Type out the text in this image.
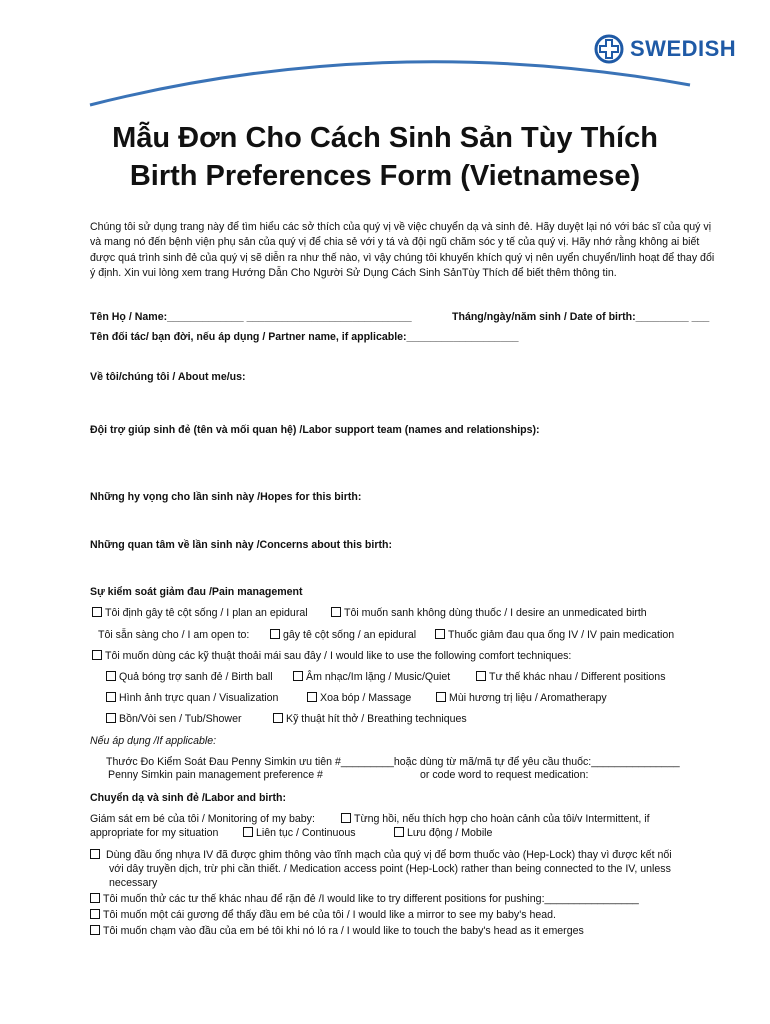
SWEDISH
Mẫu Đơn Cho Cách Sinh Sản Tùy Thích
Birth Preferences Form (Vietnamese)
Chúng tôi sử dụng trang này để tìm hiểu các sở thích của quý vị về việc chuyển dạ và sinh đẻ. Hãy duyệt lại nó với bác sĩ của quý vị và mang nó đến bệnh viện phụ sản của quý vị để chia sẻ với y tá và đội ngũ chăm sóc y tế của quý vị. Hãy nhớ rằng không ai biết được quá trình sinh đẻ của quý vị sẽ diễn ra như thế nào, vì vậy chúng tôi khuyến khích quý vị nên uyển chuyển/linh hoạt để thay đổi ý định. Xin vui lòng xem trang Hướng Dẫn Cho Người Sử Dụng Cách Sinh SảnTùy Thích để biết thêm thông tin.
Tên Họ / Name:_____________ ____________________________	Tháng/ngày/năm sinh / Date of birth:_________ ___
Tên đối tác/ bạn đời, nếu áp dụng / Partner name, if applicable:___________________
Về tôi/chúng tôi / About me/us:
Đội trợ giúp sinh đẻ (tên và mối quan hệ) /Labor support team (names and relationships):
Những hy vọng cho lần sinh này /Hopes for this birth:
Những quan tâm về lần sinh này /Concerns about this birth:
Sự kiểm soát giảm đau /Pain management
Tôi định gây tê cột sống / I plan an epidural	Tôi muốn sanh không dùng thuốc / I desire an unmedicated birth
Tôi sẵn sàng cho / I am open to:	gây tê cột sống / an epidural	Thuốc giảm đau qua ống IV / IV pain medication
Tôi muốn dùng các kỹ thuật thoải mái sau đây / I would like to use the following comfort techniques:
Quả bóng trợ sanh đẻ / Birth ball	Âm nhạc/Im lặng / Music/Quiet	Tư thế khác nhau / Different positions
Hình ảnh trực quan / Visualization	Xoa bóp / Massage	Mùi hương trị liệu / Aromatherapy
Bồn/Vòi sen / Tub/Shower	Kỹ thuật hít thở / Breathing techniques
Nếu áp dụng /If applicable:
Thước Đo Kiểm Soát Đau Penny Simkin ưu tiên #_________hoặc dùng từ mã/mã tự để yêu cầu thuốc:_______________
Penny Simkin pain management preference #	or code word to request medication:
Chuyển dạ và sinh đẻ /Labor and birth:
Giám sát em bé của tôi / Monitoring of my baby:	Từng hồi, nếu thích hợp cho hoàn cảnh của tôi/v Intermittent, if
appropriate for my situation	Liên tục / Continuous	Lưu động / Mobile
Dùng đầu ống nhựa IV đã được ghim thông vào tĩnh mạch của quý vị để bơm thuốc vào (Hep-Lock) thay vì được kết nối
với dây truyền dịch, trừ phi cần thiết. / Medication access point (Hep-Lock) rather than being connected to the IV, unless
necessary
Tôi muốn thử các tư thế khác nhau để rặn đẻ /I would like to try different positions for pushing:________________
Tôi muốn một cái gương để thấy đầu em bé của tôi / I would like a mirror to see my baby's head.
Tôi muốn chạm vào đầu của em bé tôi khi nó ló ra / I would like to touch the baby's head as it emerges
